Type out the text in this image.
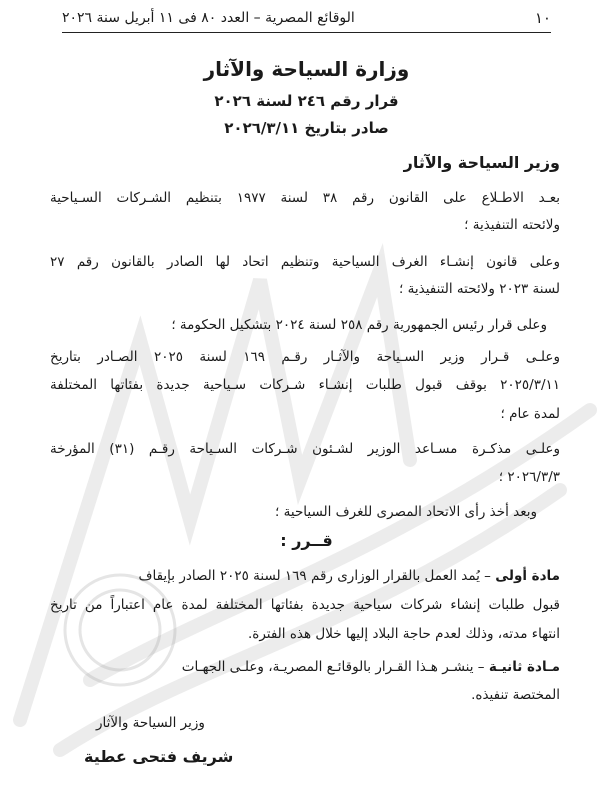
١٠
الوقائع المصرية – العدد ٨٠ فى ١١ أبريل سنة ٢٠٢٦
وزارة السياحة والآثار
قرار رقم ٢٤٦ لسنة ٢٠٢٦
صادر بتاريخ ٢٠٢٦/٣/١١
وزير السياحة والآثار
بعـد الاطـلاع على القانون رقم ٣٨ لسنة ١٩٧٧ بتنظيم الشـركات السـياحية
ولائحته التنفيذية ؛
وعلى قانون إنشـاء الغرف السياحية وتنظيم اتحاد لها الصادر بالقانون رقم ٢٧
لسنة ٢٠٢٣ ولائحته التنفيذية ؛
وعلى قرار رئيس الجمهورية رقم ٢٥٨ لسنة ٢٠٢٤ بتشكيل الحكومة ؛
وعلـى قـرار وزير السـياحة والآثـار رقـم ١٦٩ لسنة ٢٠٢٥ الصـادر بتاريخ
٢٠٢٥/٣/١١ بوقف قبول طلبات إنشـاء شـركات سـياحية جديدة بفئاتها المختلفة
لمدة عام ؛
وعلـى مذكـرة مسـاعد الوزير لشـئون شـركات السـياحة رقـم (٣١) المؤرخة
٢٠٢٦/٣/٣ ؛
وبعد أخذ رأى الاتحاد المصرى للغرف السياحية ؛
قــرر :
مادة أولى – يُمد العمل بالقرار الوزارى رقم ١٦٩ لسنة ٢٠٢٥ الصادر بإيقاف
قبول طلبات إنشاء شركات سياحية جديدة بفئاتها المختلفة لمدة عام اعتباراً من تاريخ
انتهاء مدته، وذلك لعدم حاجة البلاد إليها خلال هذه الفترة.
مـادة ثانيـة – ينشـر هـذا القـرار بالوقائـع المصريـة، وعلـى الجهـات
المختصة تنفيذه.
وزير السياحة والآثار
شريف فتحى عطية
